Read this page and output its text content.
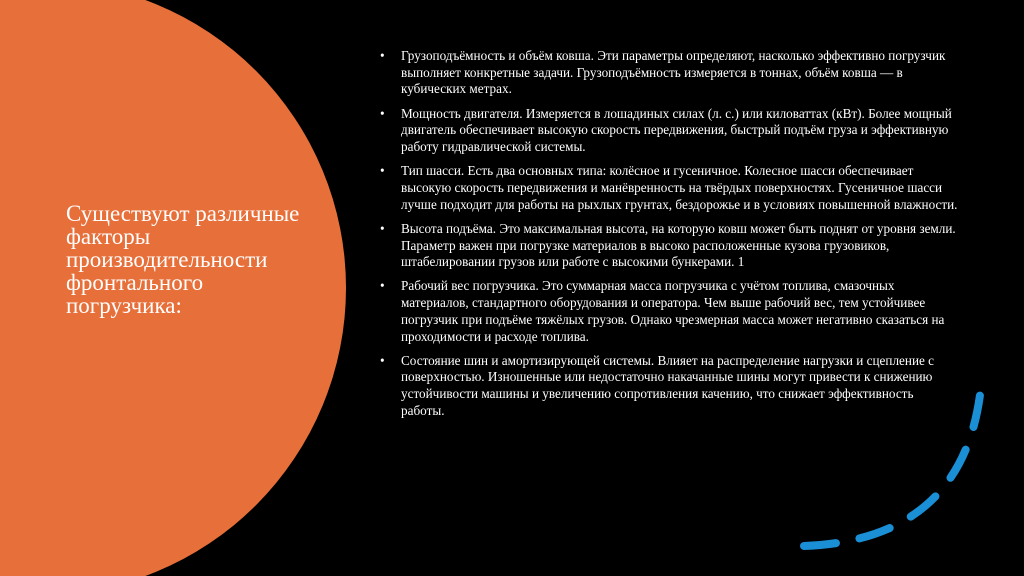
Существуют различные факторы производительности фронтального погрузчика:
• Грузоподъёмность и объём ковша. Эти параметры определяют, насколько эффективно погрузчик выполняет конкретные задачи. Грузоподъёмность измеряется в тоннах, объём ковша — в кубических метрах.
• Мощность двигателя. Измеряется в лошадиных силах (л. с.) или киловаттах (кВт). Более мощный двигатель обеспечивает высокую скорость передвижения, быстрый подъём груза и эффективную работу гидравлической системы.
• Тип шасси. Есть два основных типа: колёсное и гусеничное. Колесное шасси обеспечивает высокую скорость передвижения и манёвренность на твёрдых поверхностях. Гусеничное шасси лучше подходит для работы на рыхлых грунтах, бездорожье и в условиях повышенной влажности.
• Высота подъёма. Это максимальная высота, на которую ковш может быть поднят от уровня земли. Параметр важен при погрузке материалов в высоко расположенные кузова грузовиков, штабелировании грузов или работе с высокими бункерами. 1
• Рабочий вес погрузчика. Это суммарная масса погрузчика с учётом топлива, смазочных материалов, стандартного оборудования и оператора. Чем выше рабочий вес, тем устойчивее погрузчик при подъёме тяжёлых грузов. Однако чрезмерная масса может негативно сказаться на проходимости и расходе топлива.
• Состояние шин и амортизирующей системы. Влияет на распределение нагрузки и сцепление с поверхностью. Изношенные или недостаточно накачанные шины могут привести к снижению устойчивости машины и увеличению сопротивления качению, что снижает эффективность работы.
